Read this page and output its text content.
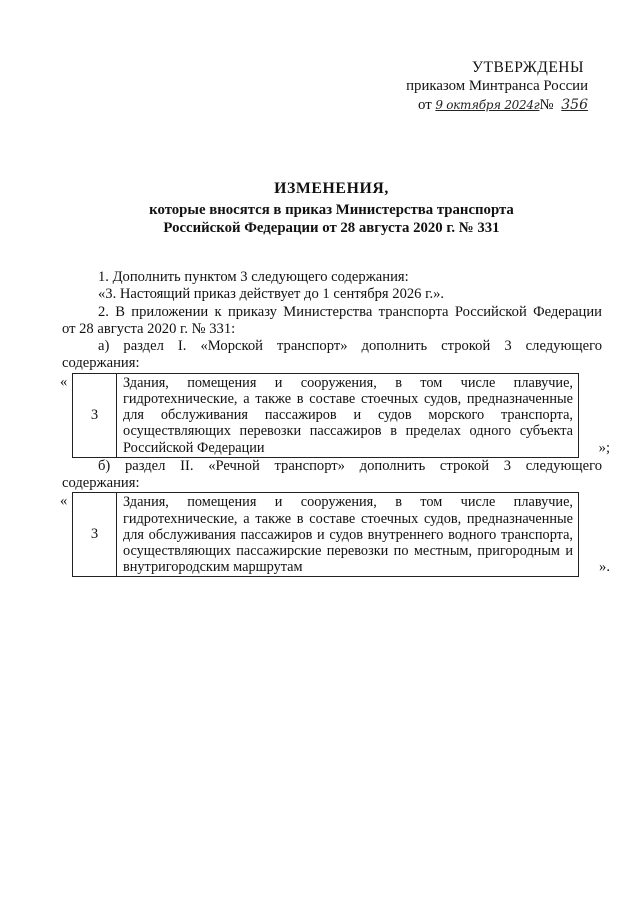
УТВЕРЖДЕНЫ
приказом Минтранса России
от 9 октября 2024г№ 356
ИЗМЕНЕНИЯ,
которые вносятся в приказ Министерства транспорта
Российской Федерации от 28 августа 2020 г. № 331

1. Дополнить пунктом 3 следующего содержания:

«3. Настоящий приказ действует до 1 сентября 2026 г.».

2. В приложении к приказу Министерства транспорта Российской Федерации

от 28 августа 2020 г. № 331:

а) раздел I. «Морской транспорт» дополнить строкой 3 следующего

содержания:

«
3	Здания, помещения и сооружения, в том числе плавучие, гидротехнические, а также в составе стоечных судов, предназначенные для обслуживания пассажиров и судов морского транспорта, осуществляющих перевозки пассажиров в пределах одного субъекта Российской Федерации	»;

б) раздел II. «Речной транспорт» дополнить строкой 3 следующего

содержания:

«
3	Здания, помещения и сооружения, в том числе плавучие, гидротехнические, а также в составе стоечных судов, предназначенные для обслуживания пассажиров и судов внутреннего водного транспорта, осуществляющих пассажирские перевозки по местным, пригородным и внутригородским маршрутам	».
